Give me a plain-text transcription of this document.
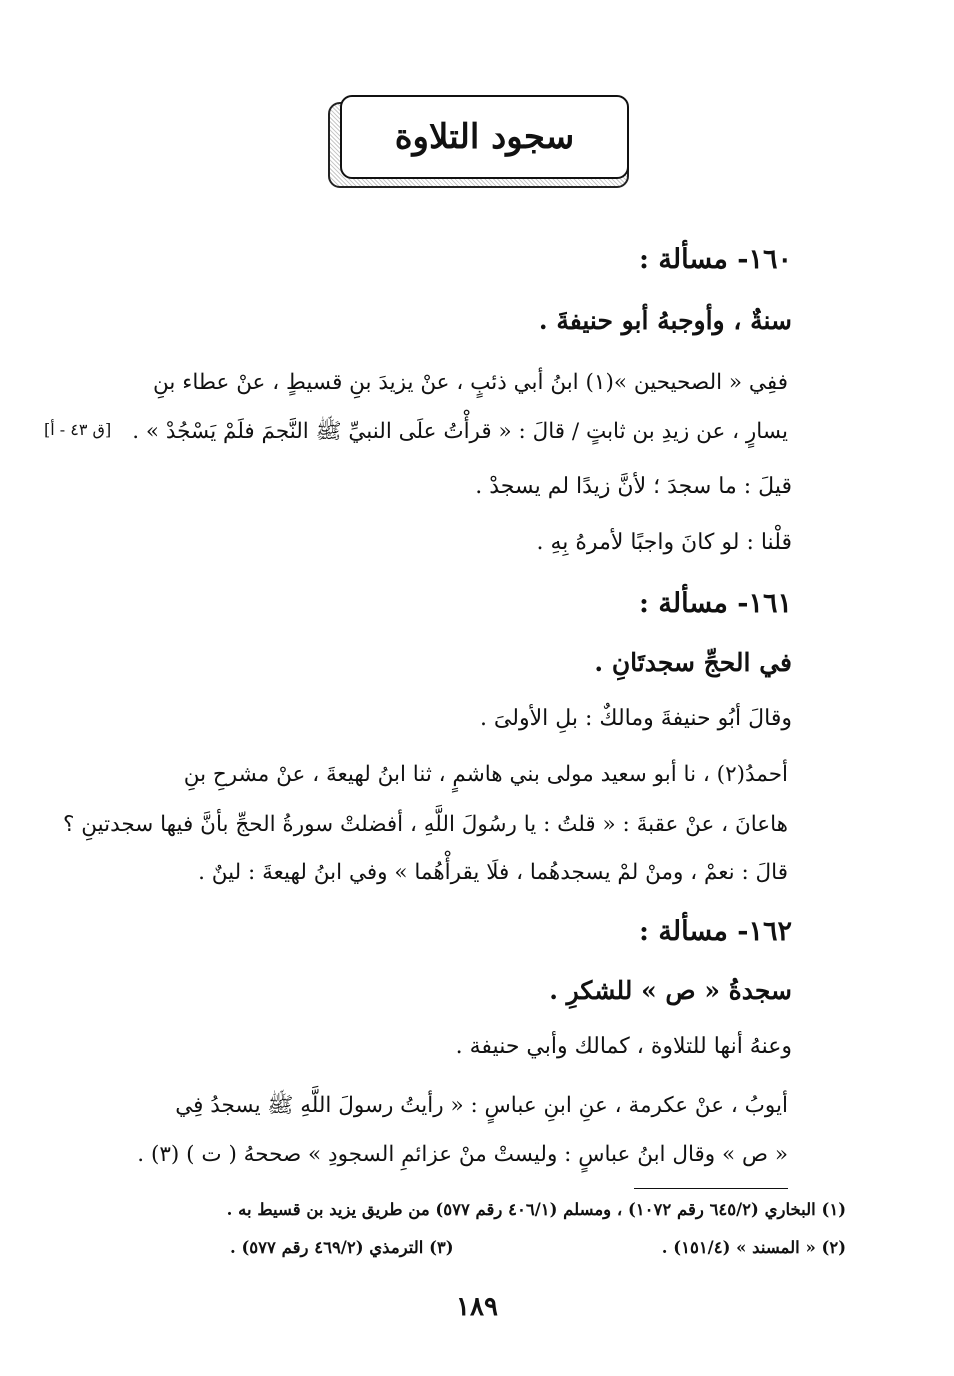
سجود التلاوة
١٦٠- مسألة :
سنةٌ ، وأوجبهُ أبو حنيفةَ .
ففِي « الصحيحين »(١) ابنُ أبي ذئبٍ ، عنْ يزيدَ بنِ قسيطٍ ، عنْ عطاء بنِ
يسارٍ ، عن زيدِ بن ثابتٍ / قالَ : « قرأْتُ علَى النبيِّ ﷺ النَّجمَ فلَمْ يَسْجُدْ » .
[ق ٤٣ - أ]
قيلَ : ما سجدَ ؛ لأنَّ زيدًا لم يسجدْ .
قلْنا : لو كانَ واجبًا لأمرهُ بِهِ .
١٦١- مسألة :
في الحجِّ سجدتَانِ .
وقالَ أبُو حنيفةَ ومالكٌ : بلِ الأولىَ .
أحمدُ(٢) ، نا أبو سعيد مولى بني هاشمٍ ، ثنا ابنُ لهيعةَ ، عنْ مشرحِ بنِ
هاعانَ ، عنْ عقبةَ : « قلتُ : يا رسُولَ اللَّهِ ، أفضلتْ سورةُ الحجِّ بأنَّ فيها سجدتينِ ؟
قالَ : نعمْ ، ومنْ لمْ يسجدهُما ، فلَا يقرأْهُما » وفي ابنُ لهيعةَ : لينٌ .
١٦٢- مسألة :
سجدةُ « ص » للشكرِ .
وعنهُ أنها للتلاوة ، كمالك وأبي حنيفة .
أيوبُ ، عنْ عكرمة ، عنِ ابنِ عباسٍ : « رأيتُ رسولَ اللَّهِ ﷺ يسجدُ فِي
« ص » وقال ابنُ عباسٍ : وليستْ منْ عزائمِ السجودِ » صححهُ ( ت ) (٣) .
(١) البخاري (٦٤٥/٢ رقم ١٠٧٢) ، ومسلم (٤٠٦/١ رقم ٥٧٧) من طريق يزيد بن قسيط به .
(٢) « المسند » (١٥١/٤) .
(٣) الترمذي (٤٦٩/٢ رقم ٥٧٧) .
١٨٩
